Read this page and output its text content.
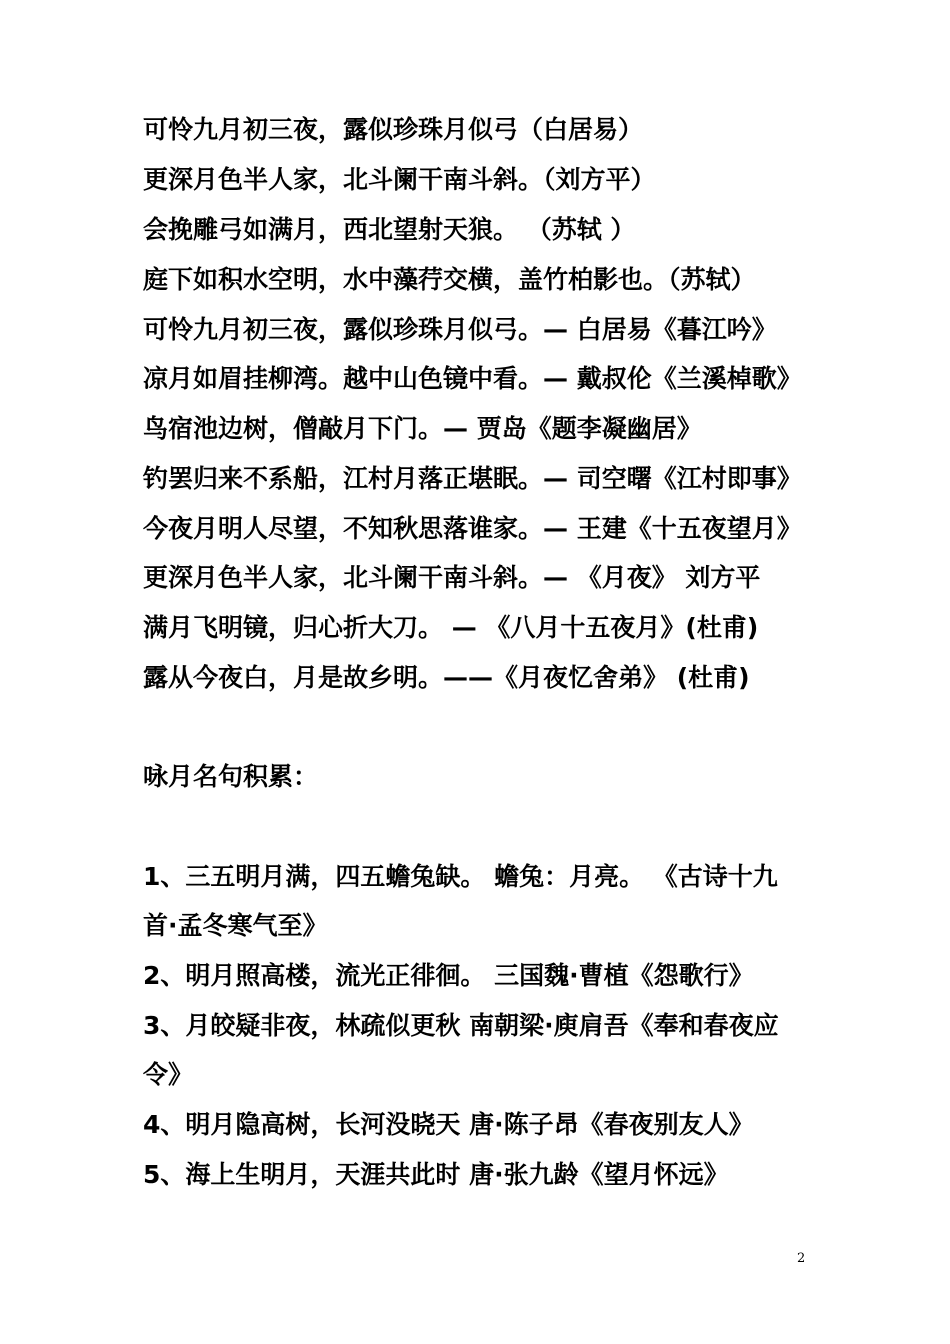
可怜九月初三夜，露似珍珠月似弓（白居易）
更深月色半人家，北斗阑干南斗斜。（刘方平）
会挽雕弓如满月，西北望射天狼。 （苏轼 ）
庭下如积水空明，水中藻荇交横，盖竹柏影也。（苏轼）
可怜九月初三夜，露似珍珠月似弓。— 白居易《暮江吟》
凉月如眉挂柳湾。越中山色镜中看。— 戴叔伦《兰溪棹歌》
鸟宿池边树，僧敲月下门。— 贾岛《题李凝幽居》
钓罢归来不系船，江村月落正堪眠。— 司空曙《江村即事》
今夜月明人尽望，不知秋思落谁家。— 王建《十五夜望月》
更深月色半人家，北斗阑干南斗斜。— 《月夜》 刘方平
满月飞明镜，归心折大刀。 — 《八月十五夜月》(杜甫)
露从今夜白，月是故乡明。——《月夜忆舍弟》 (杜甫)
咏月名句积累：
1、三五明月满，四五蟾兔缺。 蟾兔：月亮。 《古诗十九
首·孟冬寒气至》
2、明月照高楼，流光正徘徊。 三国魏·曹植《怨歌行》
3、月皎疑非夜，林疏似更秋 南朝梁·庾肩吾《奉和春夜应
令》
4、明月隐高树，长河没晓天 唐·陈子昂《春夜别友人》
5、海上生明月，天涯共此时 唐·张九龄《望月怀远》
2
